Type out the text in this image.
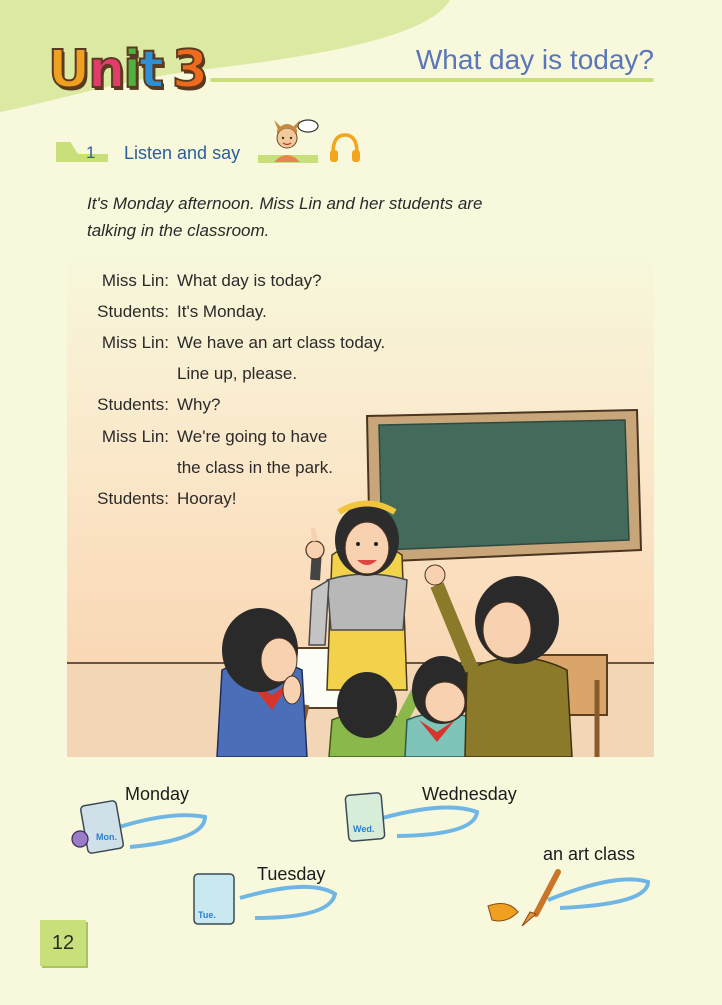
Unit 3	What day is today?
1 Listen and say
It's Monday afternoon. Miss Lin and her students are talking in the classroom.
Miss Lin: What day is today?
Students: It's Monday.
Miss Lin: We have an art class today.
Line up, please.
Students: Why?
Miss Lin: We're going to have
the class in the park.
Students: Hooray!
Mon.
Monday
Wed.
Wednesday
Tue.
Tuesday
an art class
12
